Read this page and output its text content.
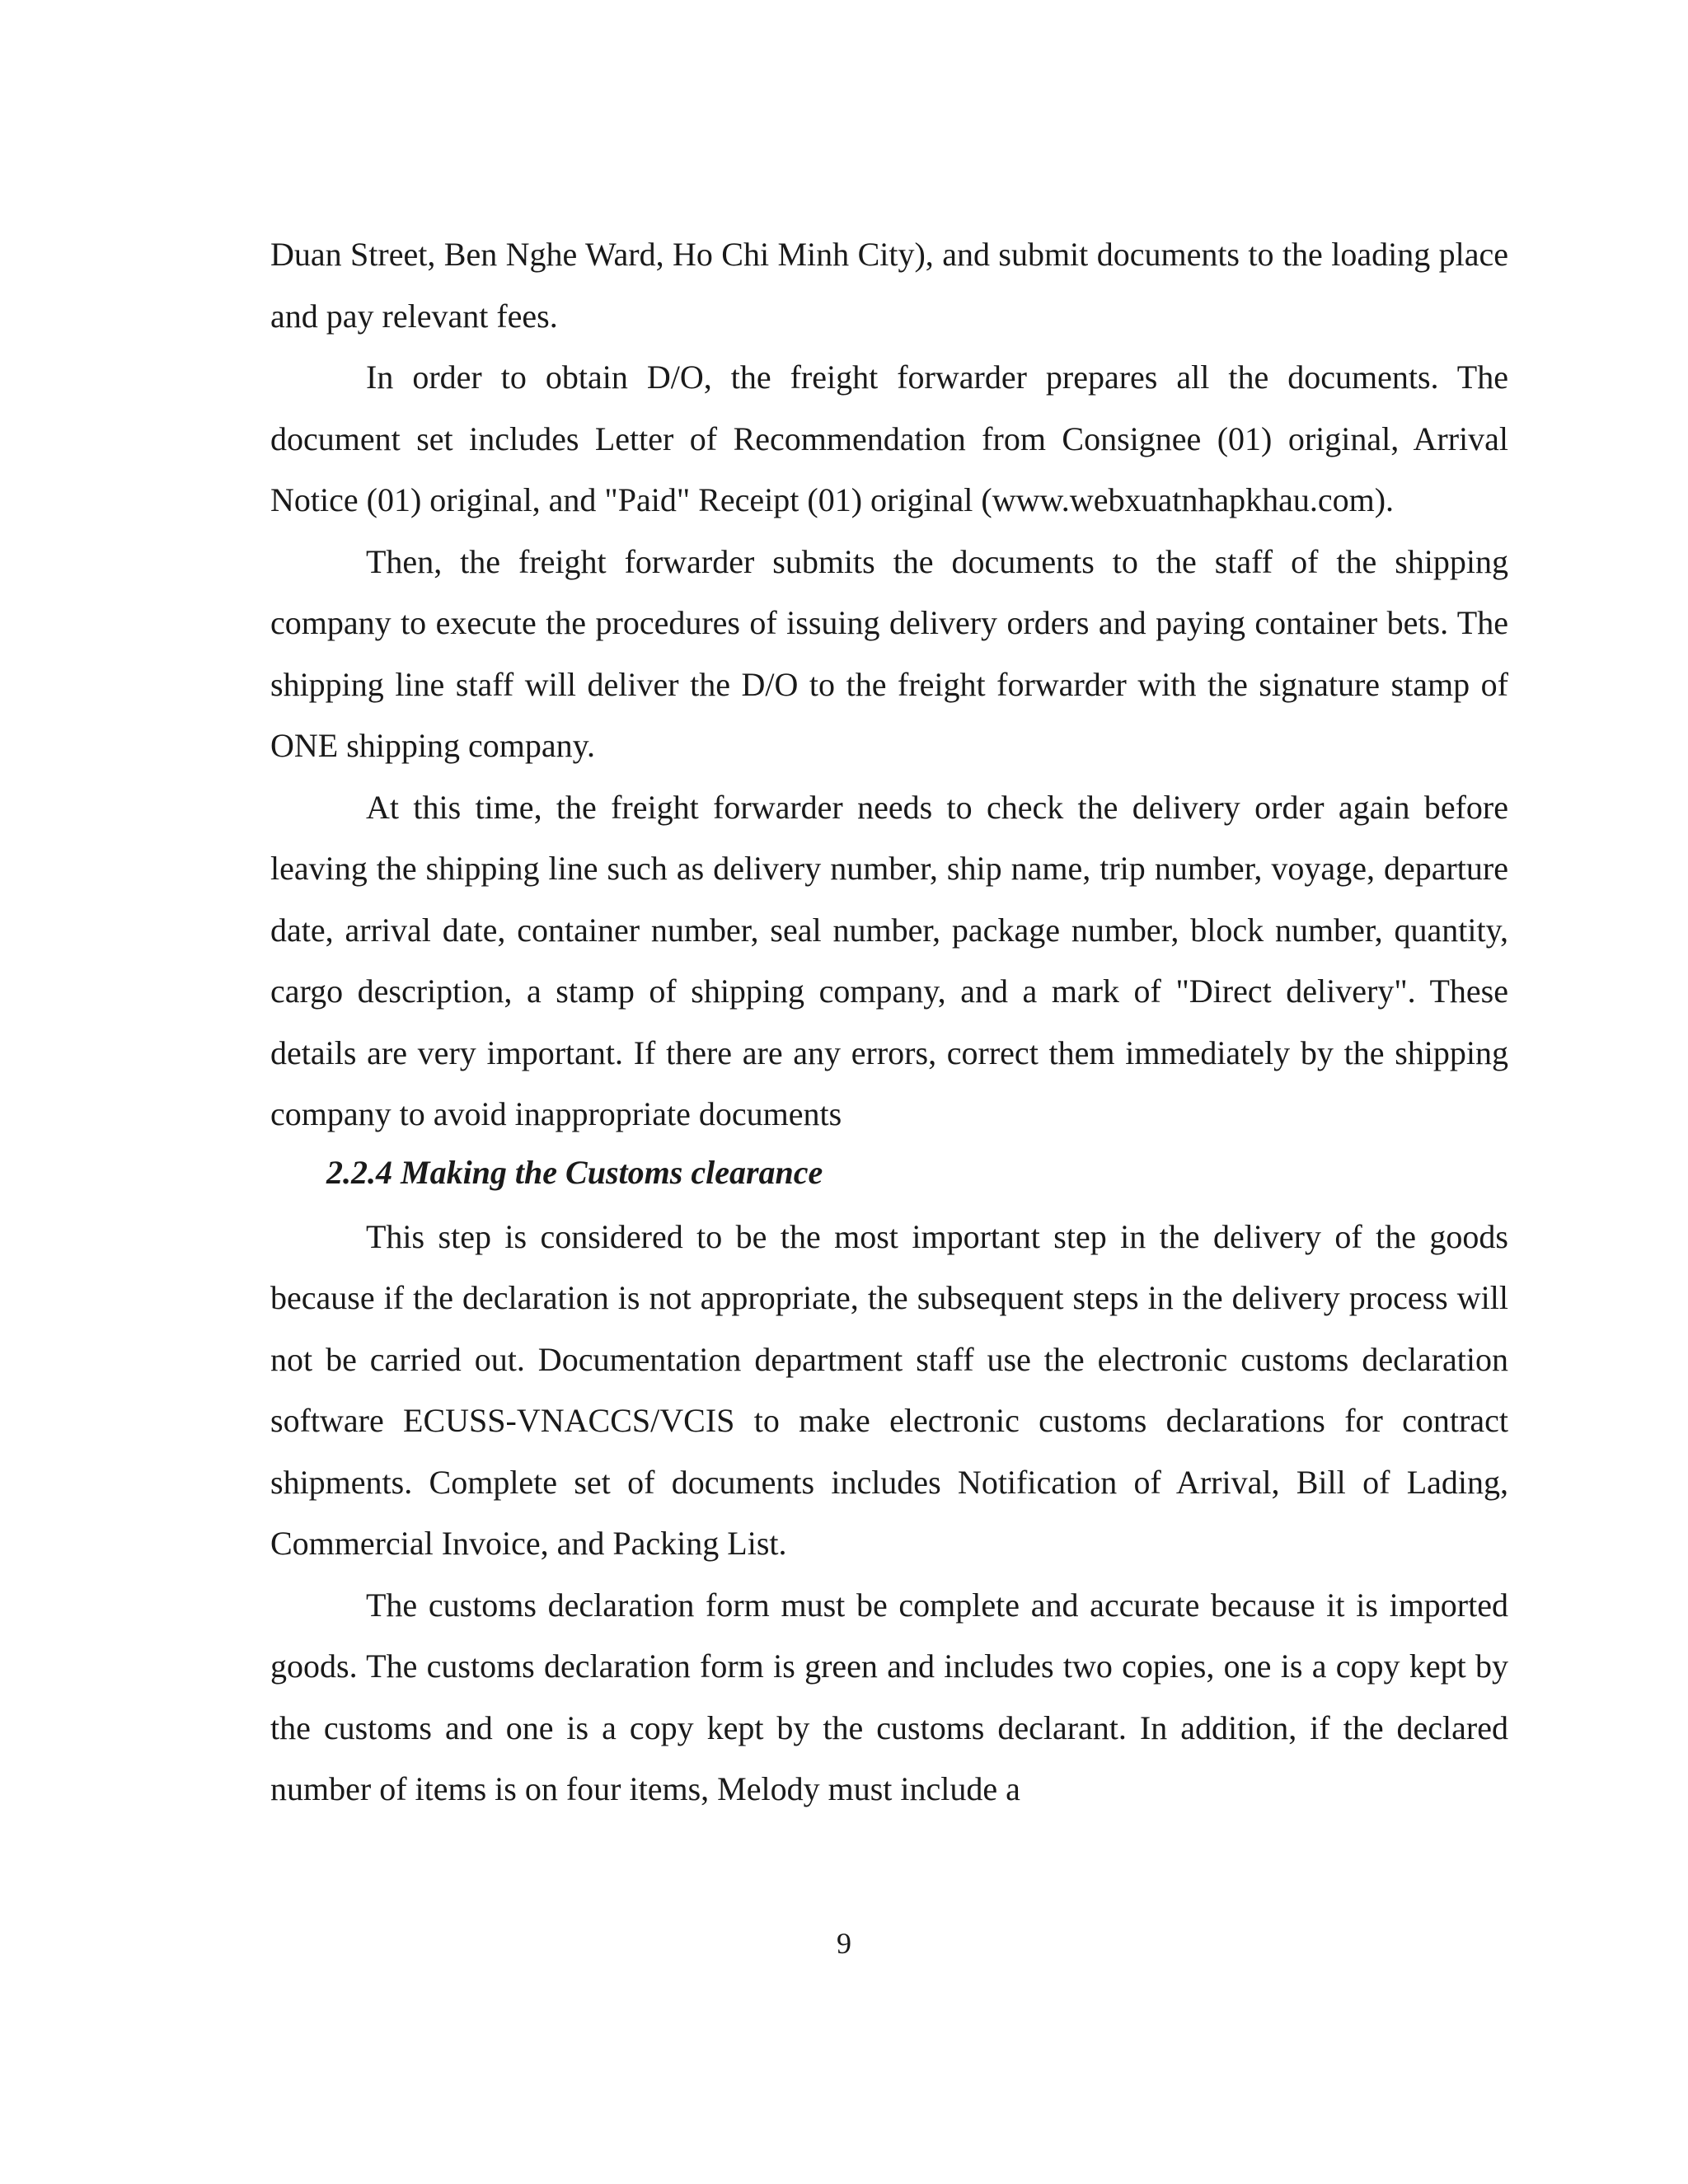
Duan Street, Ben Nghe Ward, Ho Chi Minh City), and submit documents to the loading place and pay relevant fees.

In order to obtain D/O, the freight forwarder prepares all the documents. The document set includes Letter of Recommendation from Consignee (01) original, Arrival Notice (01) original, and "Paid" Receipt (01) original (www.webxuatnhapkhau.com).

Then, the freight forwarder submits the documents to the staff of the shipping company to execute the procedures of issuing delivery orders and paying container bets. The shipping line staff will deliver the D/O to the freight forwarder with the signature stamp of ONE shipping company.

At this time, the freight forwarder needs to check the delivery order again before leaving the shipping line such as delivery number, ship name, trip number, voyage, departure date, arrival date, container number, seal number, package number, block number, quantity, cargo description, a stamp of shipping company, and a mark of "Direct delivery". These details are very important. If there are any errors, correct them immediately by the shipping company to avoid inappropriate documents

2.2.4 Making the Customs clearance

This step is considered to be the most important step in the delivery of the goods because if the declaration is not appropriate, the subsequent steps in the delivery process will not be carried out. Documentation department staff use the electronic customs declaration software ECUSS-VNACCS/VCIS to make electronic customs declarations for contract shipments. Complete set of documents includes Notification of Arrival, Bill of Lading, Commercial Invoice, and Packing List.

The customs declaration form must be complete and accurate because it is imported goods. The customs declaration form is green and includes two copies, one is a copy kept by the customs and one is a copy kept by the customs declarant. In addition, if the declared number of items is on four items, Melody must include a

9
